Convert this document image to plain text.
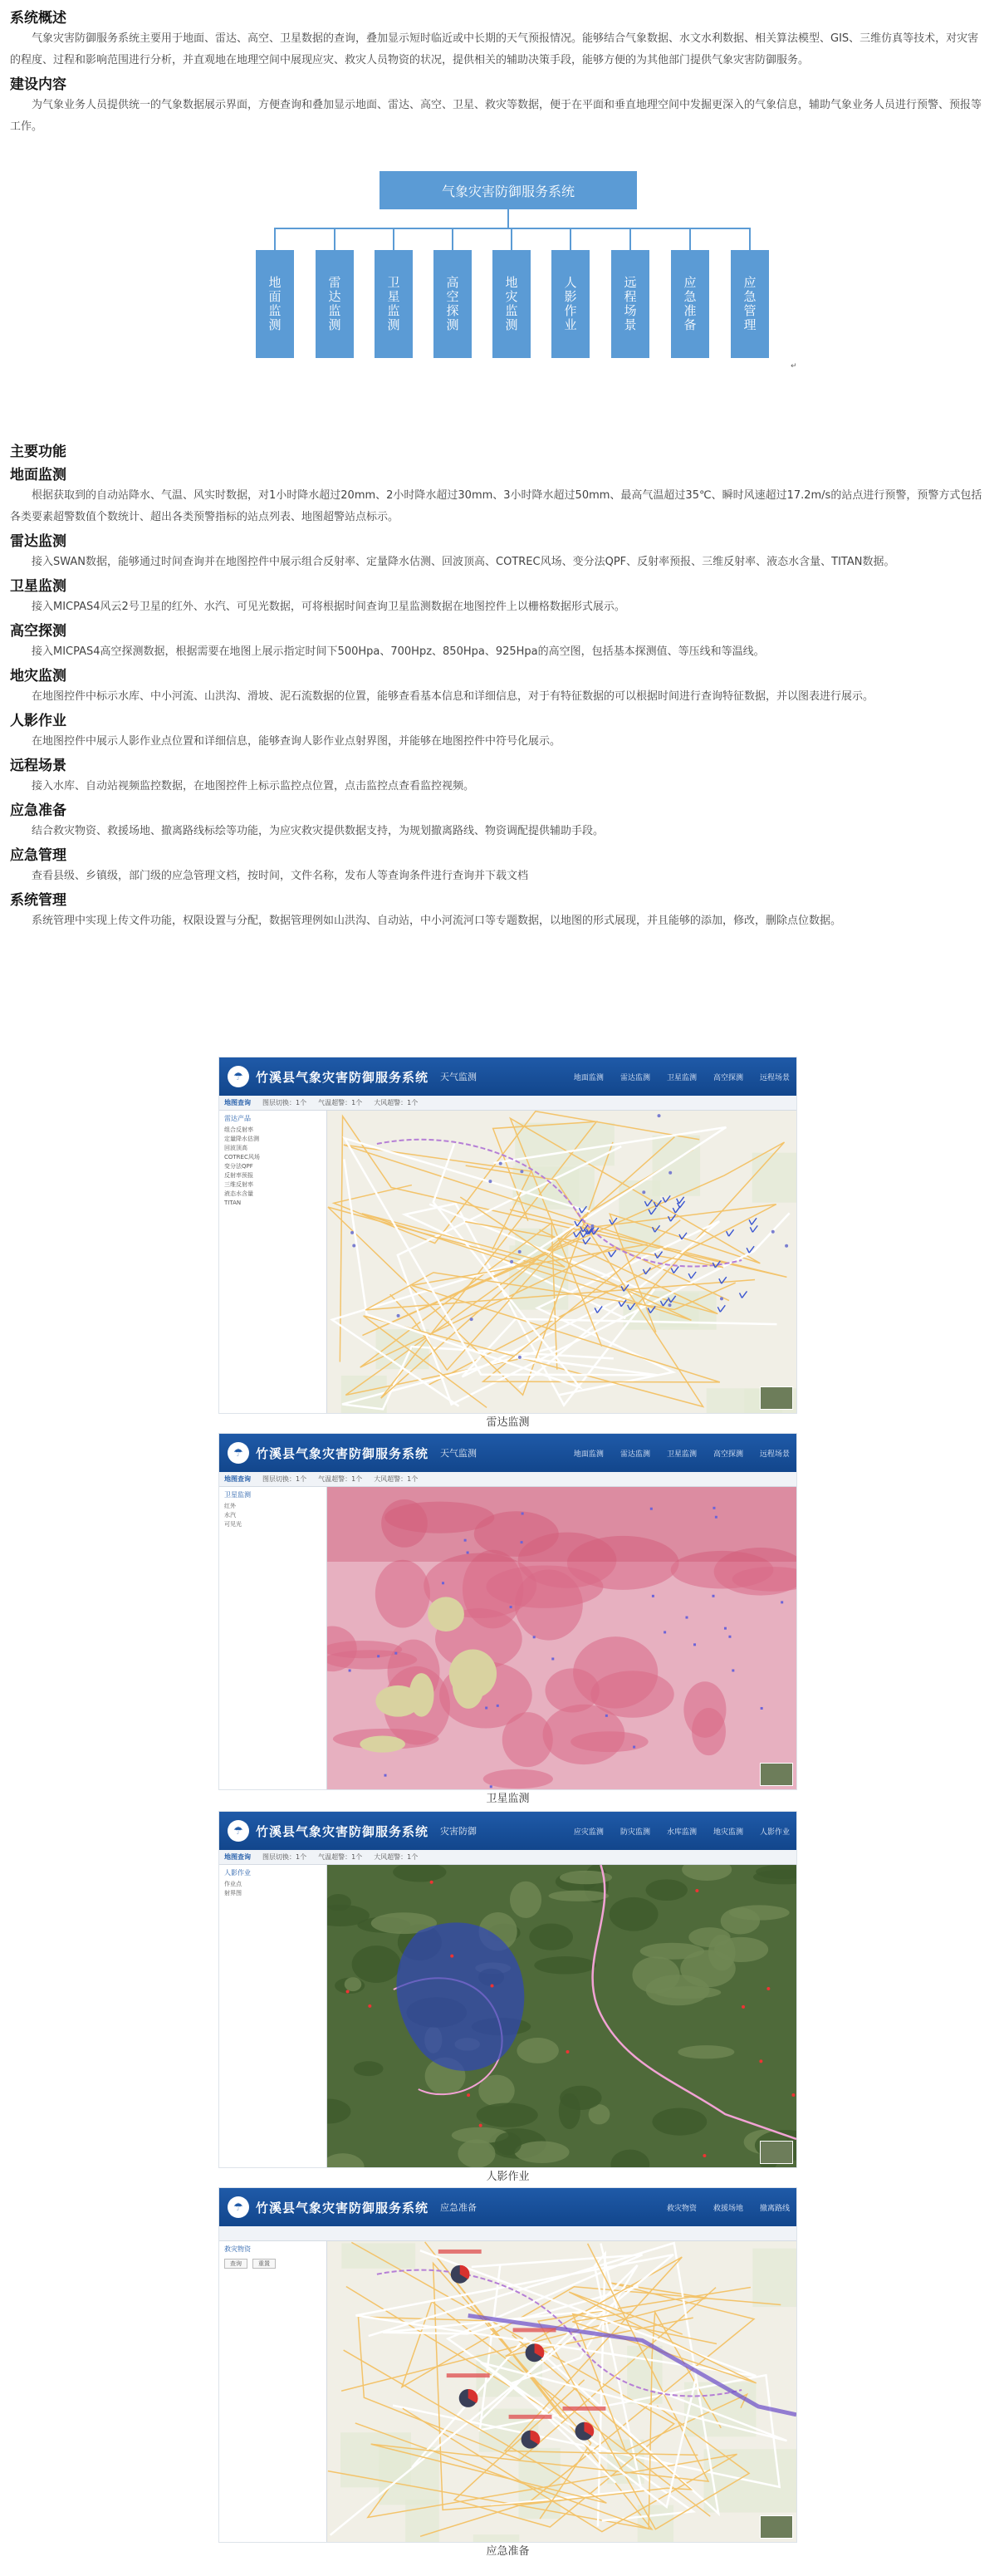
系统概述
气象灾害防御服务系统主要用于地面、雷达、高空、卫星数据的查询，叠加显示短时临近或中长期的天气预报情况。能够结合气象数据、水文水利数据、相关算法模型、GIS、三维仿真等技术，对灾害的程度、过程和影响范围进行分析，并直观地在地理空间中展现应灾、救灾人员物资的状况，提供相关的辅助决策手段，能够方便的为其他部门提供气象灾害防御服务。
建设内容
为气象业务人员提供统一的气象数据展示界面，方便查询和叠加显示地面、雷达、高空、卫星、救灾等数据，便于在平面和垂直地理空间中发掘更深入的气象信息，辅助气象业务人员进行预警、预报等工作。
气象灾害防御服务系统
地面监测	雷达监测	卫星监测	高空探测	地灾监测	人影作业	远程场景	应急准备	应急管理
↵
主要功能
地面监测
根据获取到的自动站降水、气温、风实时数据，对1小时降水超过20mm、2小时降水超过30mm、3小时降水超过50mm、最高气温超过35℃、瞬时风速超过17.2m/s的站点进行预警，预警方式包括各类要素超警数值个数统计、超出各类预警指标的站点列表、地图超警站点标示。
雷达监测
接入SWAN数据，能够通过时间查询并在地图控件中展示组合反射率、定量降水估测、回波顶高、COTREC风场、变分法QPF、反射率预报、三维反射率、液态水含量、TITAN数据。
卫星监测
接入MICPAS4风云2号卫星的红外、水汽、可见光数据，可将根据时间查询卫星监测数据在地图控件上以栅格数据形式展示。
高空探测
接入MICPAS4高空探测数据，根据需要在地图上展示指定时间下500Hpa、700Hpz、850Hpa、925Hpa的高空图，包括基本探测值、等压线和等温线。
地灾监测
在地图控件中标示水库、中小河流、山洪沟、滑坡、泥石流数据的位置，能够查看基本信息和详细信息，对于有特征数据的可以根据时间进行查询特征数据，并以图表进行展示。
人影作业
在地图控件中展示人影作业点位置和详细信息，能够查询人影作业点射界图，并能够在地图控件中符号化展示。
远程场景
接入水库、自动站视频监控数据，在地图控件上标示监控点位置，点击监控点查看监控视频。
应急准备
结合救灾物资、救援场地、撤离路线标绘等功能，为应灾救灾提供数据支持，为规划撤离路线、物资调配提供辅助手段。
应急管理
查看县级、乡镇级，部门级的应急管理文档，按时间，文件名称，发布人等查询条件进行查询并下载文档
系统管理
系统管理中实现上传文件功能，权限设置与分配，数据管理例如山洪沟、自动站，中小河流河口等专题数据，以地图的形式展现，并且能够的添加，修改，删除点位数据。
☂	竹溪县气象灾害防御服务系统 天气监测	地面监测 雷达监测 卫星监测 高空探测 远程场景
地图查询 图层切换：1个 气温超警：1个 大风超警：1个
雷达产品
组合反射率
定量降水估测
回波顶高
COTREC风场
变分法QPF
反射率预报
三维反射率
液态水含量
TITAN
雷达监测
☂	竹溪县气象灾害防御服务系统 天气监测	地面监测 雷达监测 卫星监测 高空探测 远程场景
地图查询 图层切换：1个 气温超警：1个 大风超警：1个
卫星监测
红外
水汽
可见光
卫星监测
☂	竹溪县气象灾害防御服务系统 灾害防御	应灾监测 防灾监测 水库监测 地灾监测 人影作业
地图查询 图层切换：1个 气温超警：1个 大风超警：1个
人影作业
作业点
射界图
人影作业
☂	竹溪县气象灾害防御服务系统 应急准备	救灾物资 救援场地 撤离路线
救灾物资
查询	重置
应急准备
